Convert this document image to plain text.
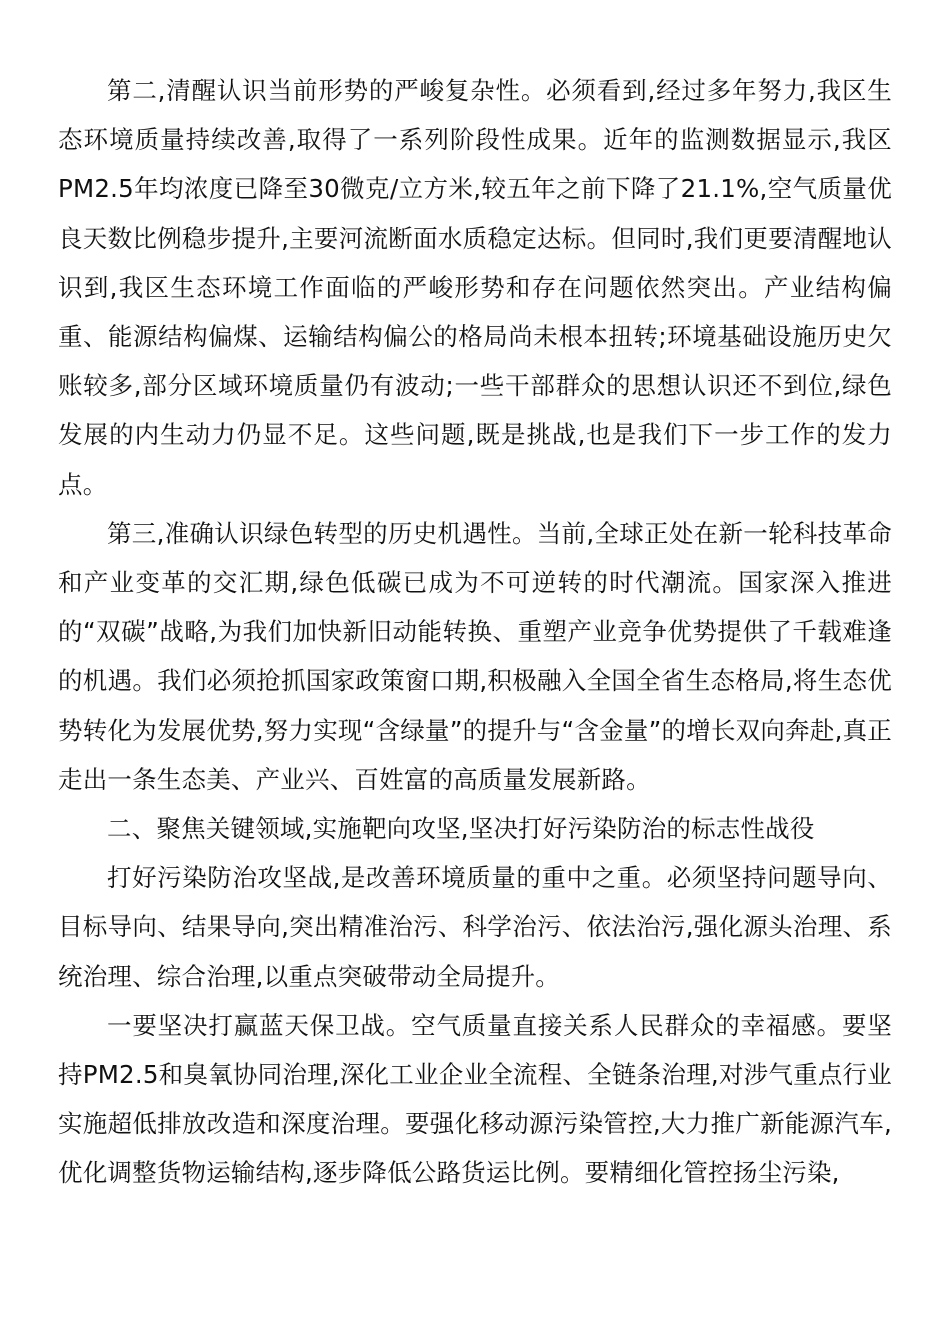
第二,清醒认识当前形势的严峻复杂性。必须看到,经过多年努力,我区生态环境质量持续改善,取得了一系列阶段性成果。近年的监测数据显示,我区PM2.5年均浓度已降至30微克/立方米,较五年之前下降了21.1%,空气质量优良天数比例稳步提升,主要河流断面水质稳定达标。但同时,我们更要清醒地认识到,我区生态环境工作面临的严峻形势和存在问题依然突出。产业结构偏重、能源结构偏煤、运输结构偏公的格局尚未根本扭转;环境基础设施历史欠账较多,部分区域环境质量仍有波动;一些干部群众的思想认识还不到位,绿色发展的内生动力仍显不足。这些问题,既是挑战,也是我们下一步工作的发力点。

第三,准确认识绿色转型的历史机遇性。当前,全球正处在新一轮科技革命和产业变革的交汇期,绿色低碳已成为不可逆转的时代潮流。国家深入推进的“双碳”战略,为我们加快新旧动能转换、重塑产业竞争优势提供了千载难逢的机遇。我们必须抢抓国家政策窗口期,积极融入全国全省生态格局,将生态优势转化为发展优势,努力实现“含绿量”的提升与“含金量”的增长双向奔赴,真正走出一条生态美、产业兴、百姓富的高质量发展新路。

二、聚焦关键领域,实施靶向攻坚,坚决打好污染防治的标志性战役

打好污染防治攻坚战,是改善环境质量的重中之重。必须坚持问题导向、目标导向、结果导向,突出精准治污、科学治污、依法治污,强化源头治理、系统治理、综合治理,以重点突破带动全局提升。

一要坚决打赢蓝天保卫战。空气质量直接关系人民群众的幸福感。要坚持PM2.5和臭氧协同治理,深化工业企业全流程、全链条治理,对涉气重点行业实施超低排放改造和深度治理。要强化移动源污染管控,大力推广新能源汽车,优化调整货物运输结构,逐步降低公路货运比例。要精细化管控扬尘污染,
